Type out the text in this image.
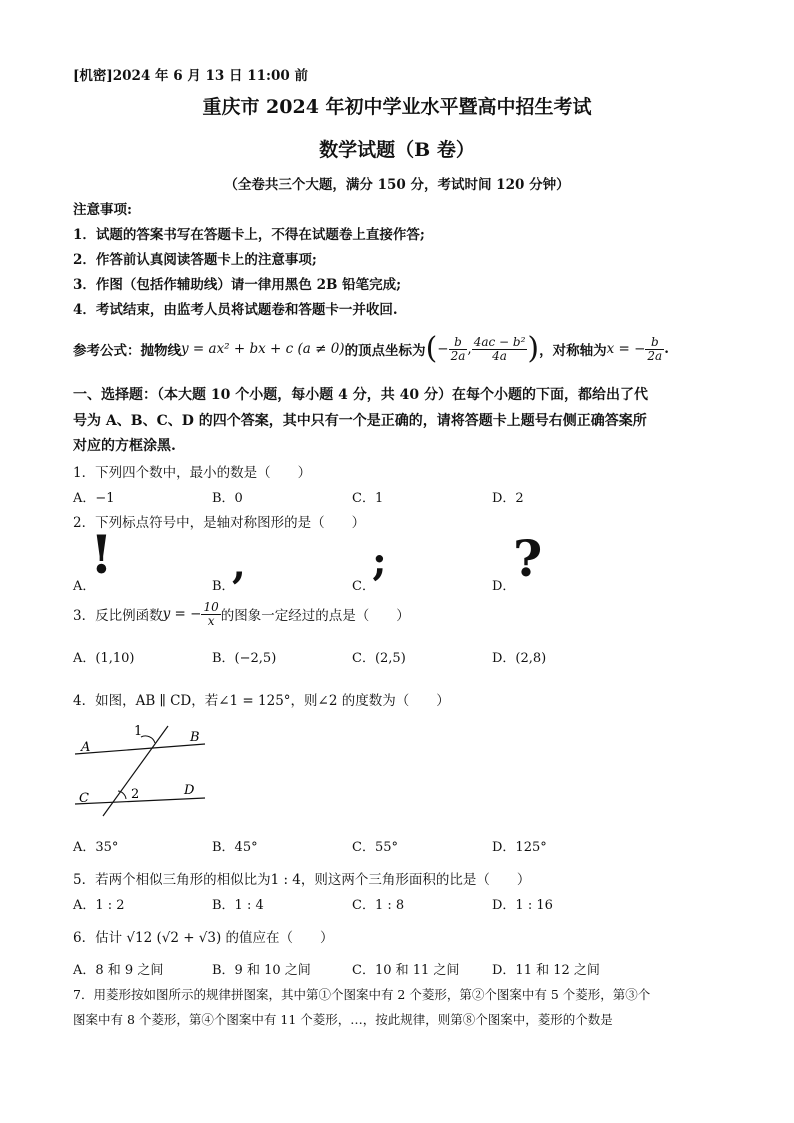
[机密]2024 年 6 月 13 日 11:00 前
重庆市 2024 年初中学业水平暨高中招生考试
数学试题（B 卷）
（全卷共三个大题，满分 150 分，考试时间 120 分钟）
注意事项:
1．试题的答案书写在答题卡上，不得在试题卷上直接作答;
2．作答前认真阅读答题卡上的注意事项;
3．作图（包括作辅助线）请一律用黑色 2B 铅笔完成;
4．考试结束，由监考人员将试题卷和答题卡一并收回.
参考公式：抛物线 y = ax² + bx + c (a ≠ 0) 的顶点坐标为 ( − $\frac{b}{2a}$ , $\frac{\text{4ac − b²}}{4a}$ ) ，对称轴为 x = − $\frac{b}{2a}$ .
一、选择题：（本大题 10 个小题，每小题 4 分，共 40 分）在每个小题的下面，都给出了代
号为 A、B、C、D 的四个答案，其中只有一个是正确的，请将答题卡上题号右侧正确答案所
对应的方框涂黑.
1．下列四个数中，最小的数是（　　）
A．−1	B．0	C．1	D．2
2．下列标点符号中，是轴对称图形的是（　　）
A．
!
B．
,	C．
;
D．
?
3．反比例函数 y = − $\frac{10}{x}$ 的图象一定经过的点是（　　）
A．(1,10)	B．(−2,5)	C．(2,5)	D．(2,8)
4．如图，AB ∥ CD，若∠1 = 125°，则∠2 的度数为（　　）
A
B
C
D
1
2
A．35°	B．45°	C．55°	D．125°
5．若两个相似三角形的相似比为1 : 4，则这两个三角形面积的比是（　　）
A．1 : 2	B．1 : 4	C．1 : 8	D．1 : 16
6．估计 √12 (√2 + √3) 的值应在（　　）
A．8 和 9 之间	B．9 和 10 之间	C．10 和 11 之间	D．11 和 12 之间
7．用菱形按如图所示的规律拼图案，其中第①个图案中有 2 个菱形，第②个图案中有 5 个菱形，第③个
图案中有 8 个菱形，第④个图案中有 11 个菱形，…，按此规律，则第⑧个图案中，菱形的个数是
